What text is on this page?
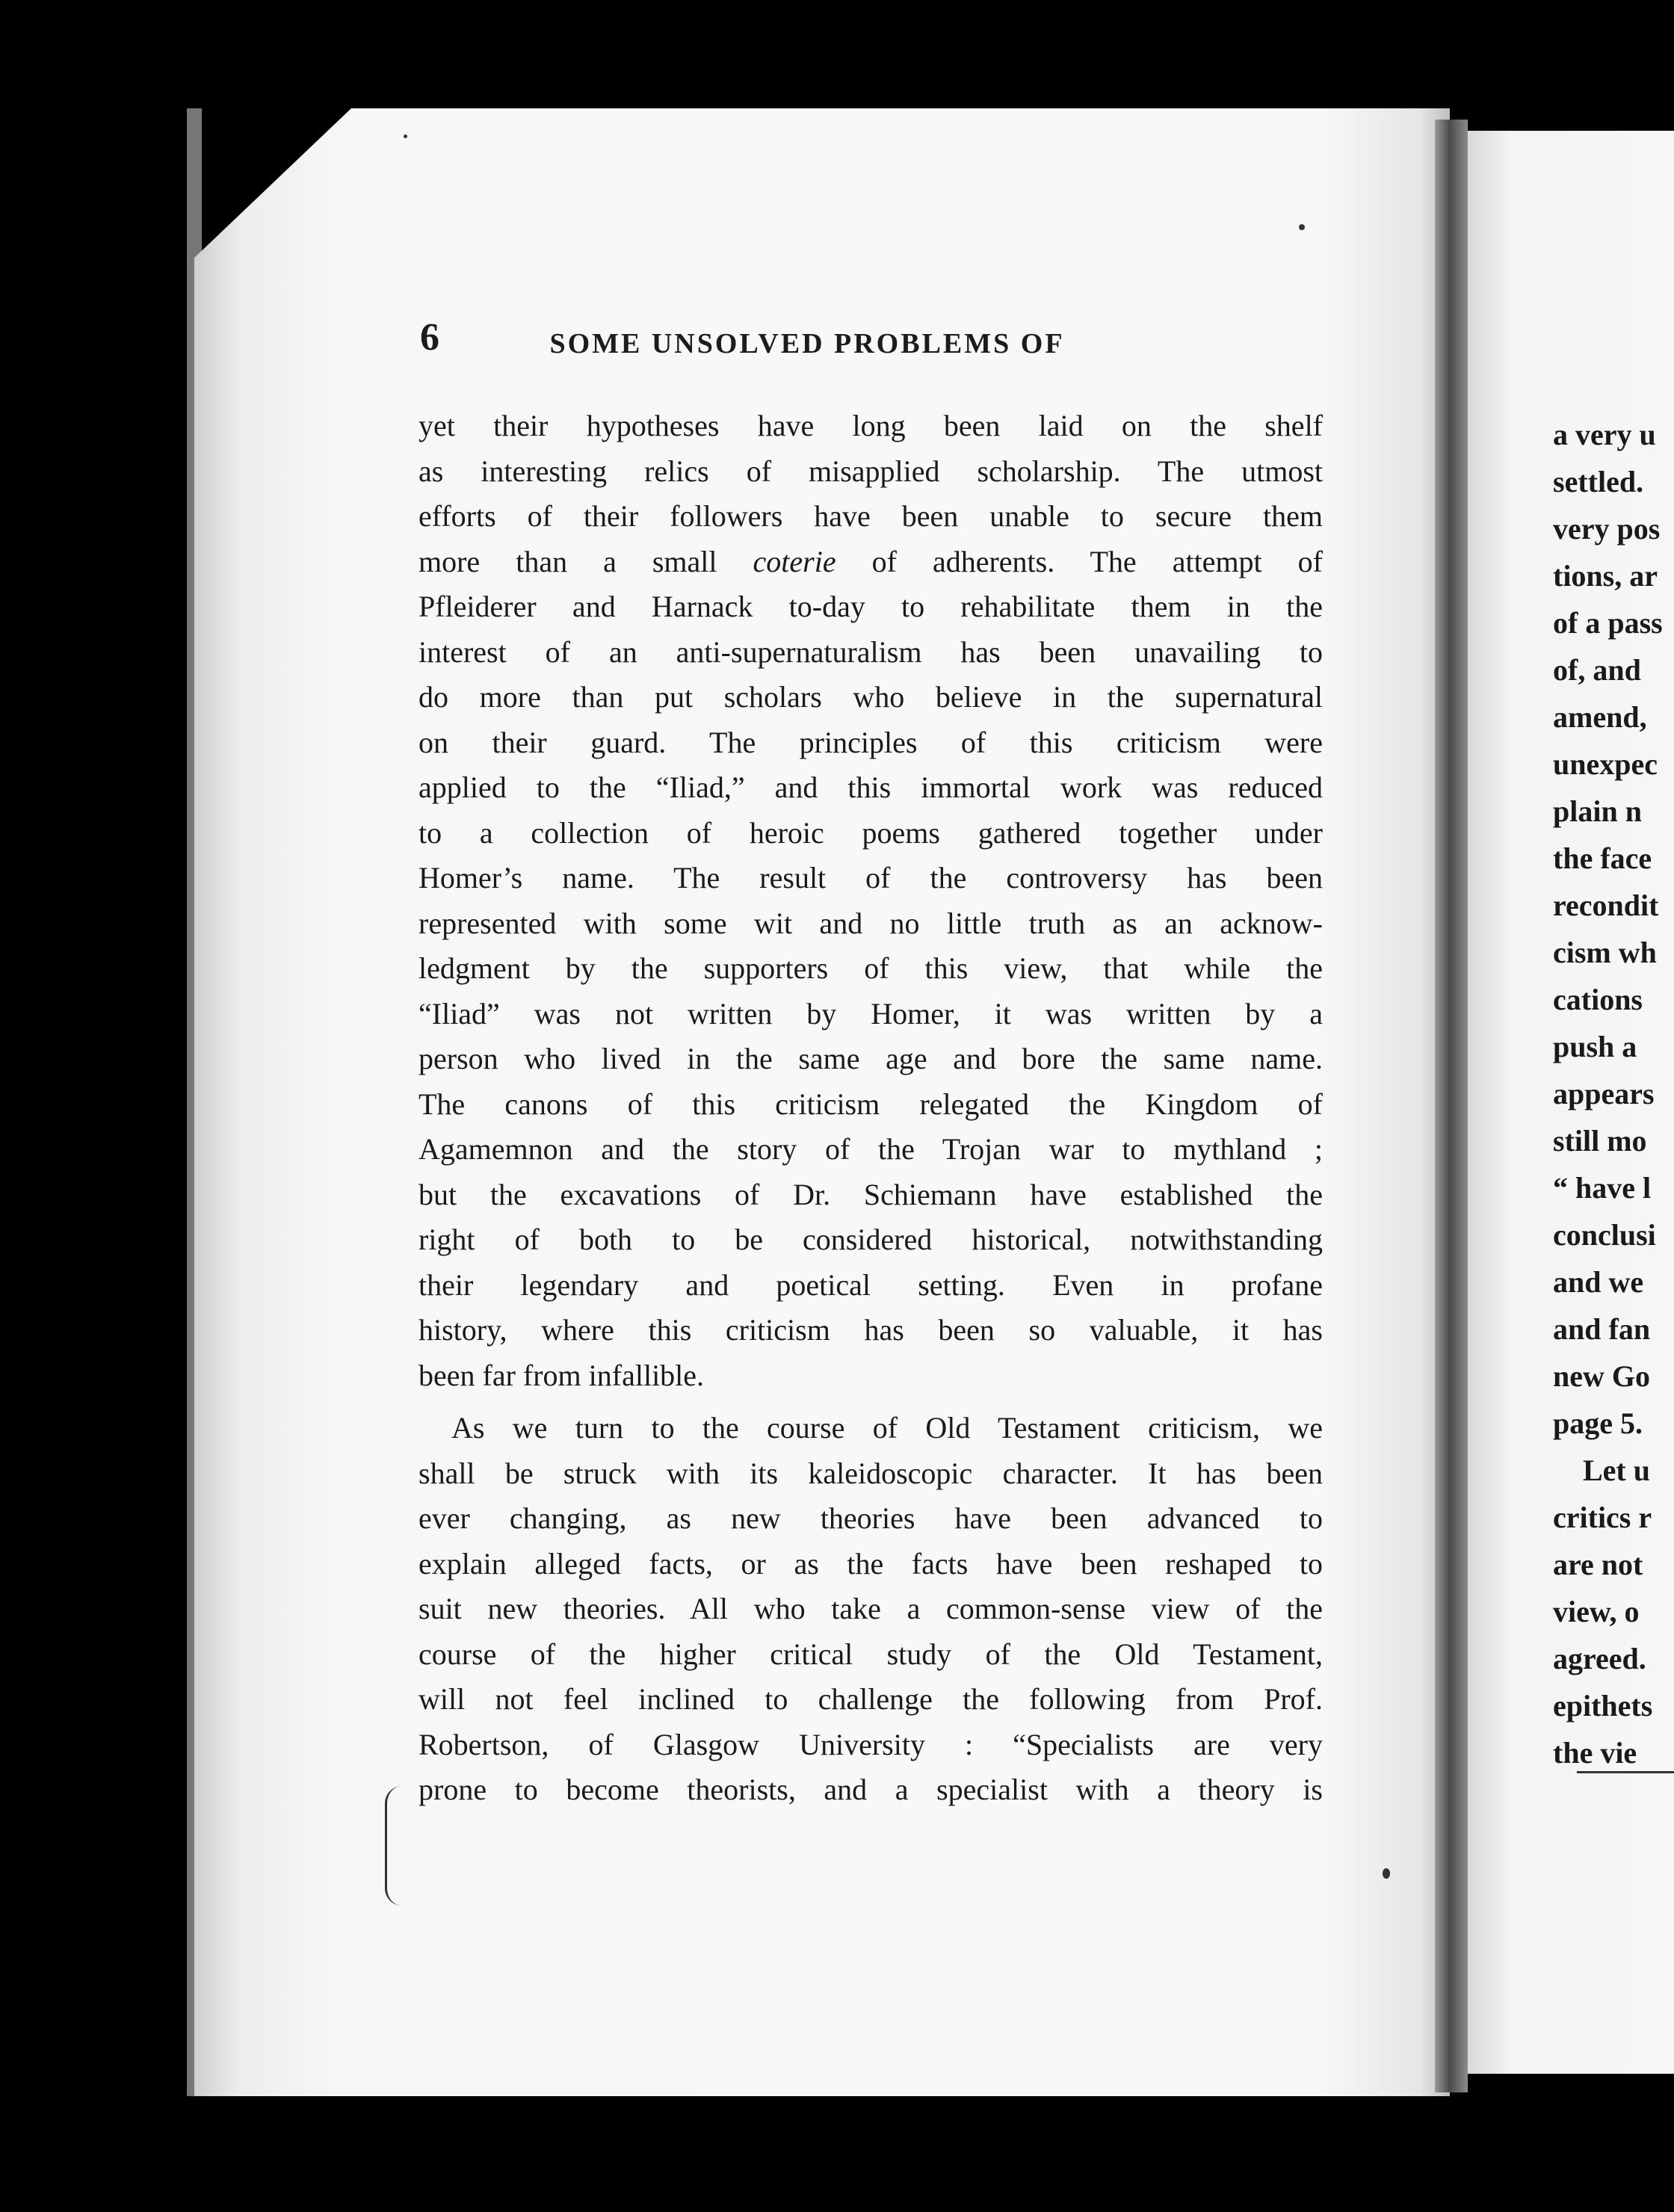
6	SOME UNSOLVED PROBLEMS OF
yet their hypotheses have long been laid on the shelf
as interesting relics of misapplied scholarship. The utmost
efforts of their followers have been unable to secure them
more than a small coterie of adherents. The attempt of
Pfleiderer and Harnack to-day to rehabilitate them in the
interest of an anti-supernaturalism has been unavailing to
do more than put scholars who believe in the supernatural
on their guard. The principles of this criticism were
applied to the “Iliad,” and this immortal work was reduced
to a collection of heroic poems gathered together under
Homer’s name. The result of the controversy has been
represented with some wit and no little truth as an acknow-
ledgment by the supporters of this view, that while the
“Iliad” was not written by Homer, it was written by a
person who lived in the same age and bore the same name.
The canons of this criticism relegated the Kingdom of
Agamemnon and the story of the Trojan war to mythland ;
but the excavations of Dr. Schiemann have established the
right of both to be considered historical, notwithstanding
their legendary and poetical setting. Even in profane
history, where this criticism has been so valuable, it has
been far from infallible.
As we turn to the course of Old Testament criticism, we
shall be struck with its kaleidoscopic character. It has been
ever changing, as new theories have been advanced to
explain alleged facts, or as the facts have been reshaped to
suit new theories. All who take a common-sense view of the
course of the higher critical study of the Old Testament,
will not feel inclined to challenge the following from Prof.
Robertson, of Glasgow University : “Specialists are very
prone to become theorists, and a specialist with a theory is
a very u
settled.
very pos
tions, ar
of a pass
of, and
amend,
unexpec
plain n
the face
recondit
cism wh
cations
push a
appears
still mo
“ have l
conclusi
and we
and fan
new Go
page 5.
Let u
critics r
are not
view, o
agreed.
epithets
the vie
